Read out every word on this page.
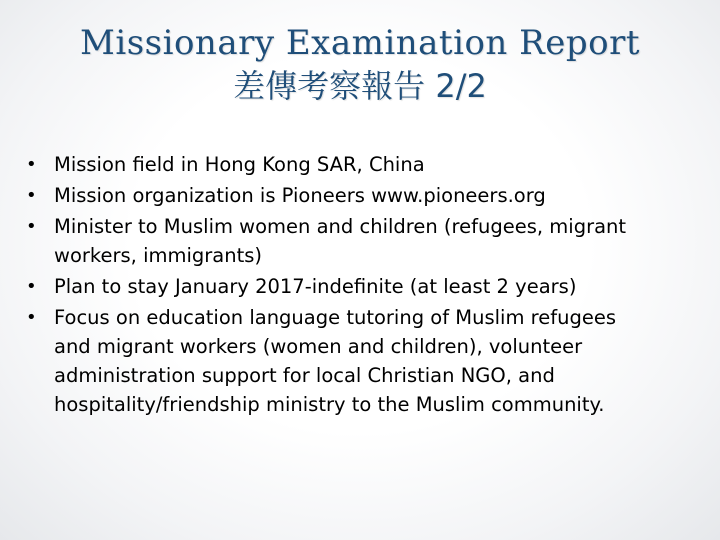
Missionary Examination Report
差傳考察報告 2/2
• Mission field in Hong Kong SAR, China
• Mission organization is Pioneers www.pioneers.org
• Minister to Muslim women and children (refugees, migrant
workers, immigrants)
• Plan to stay January 2017-indefinite (at least 2 years)
• Focus on education language tutoring of Muslim refugees
and migrant workers (women and children), volunteer
administration support for local Christian NGO, and
hospitality/friendship ministry to the Muslim community.
